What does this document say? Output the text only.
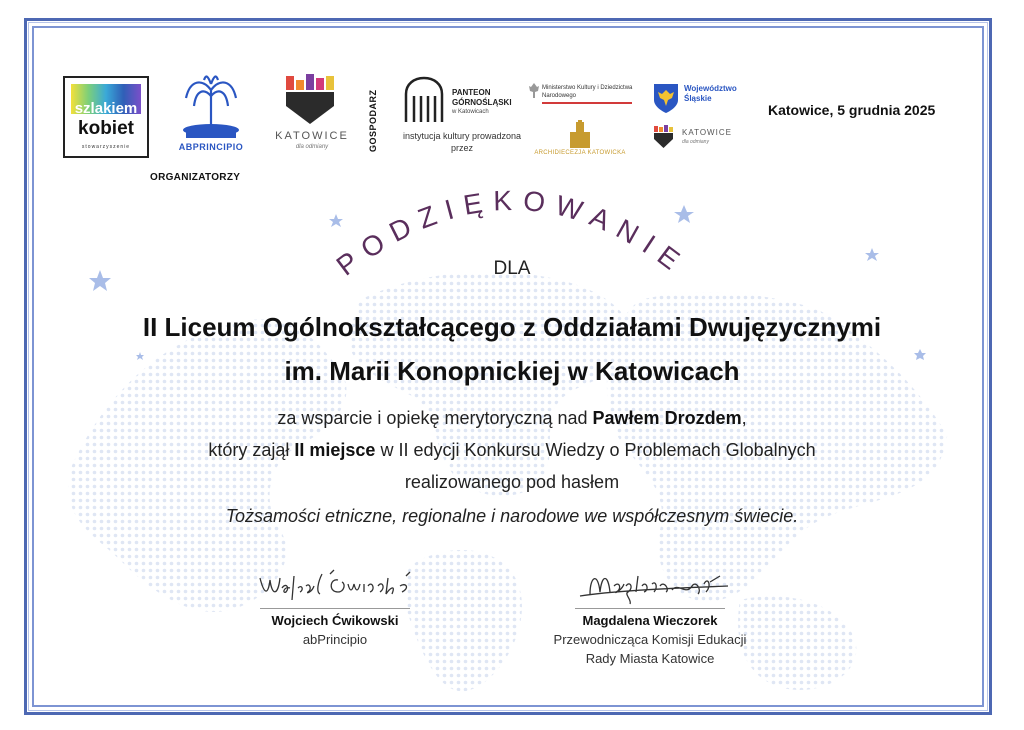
szlakiem
kobiet
stowarzyszenie	ABPRINCIPIO
ORGANIZATORZY
KATOWICE
dla odmiany	GOSPODARZ	PANTEON
GÓRNOŚLĄSKI
w Katowicach
instytucja kultury prowadzona przez
Ministerstwo Kultury i Dziedzictwa Narodowego
ARCHIDIECEZJA KATOWICKA
Województwo Śląskie
KATOWICE
dla odmiany
Katowice, 5 grudnia 2025
PODZIĘKOWANIE
DLA
II Liceum Ogólnokształcącego z Oddziałami Dwujęzycznymi
im. Marii Konopnickiej w Katowicach
za wsparcie i opiekę merytoryczną nad Pawłem Drozdem,
który zajął II miejsce w II edycji Konkursu Wiedzy o Problemach Globalnych
realizowanego pod hasłem
Tożsamości etniczne, regionalne i narodowe we współczesnym świecie.
Wojciech Ćwikowski
abPrincipio
Magdalena Wieczorek
Przewodnicząca Komisji Edukacji
Rady Miasta Katowice
